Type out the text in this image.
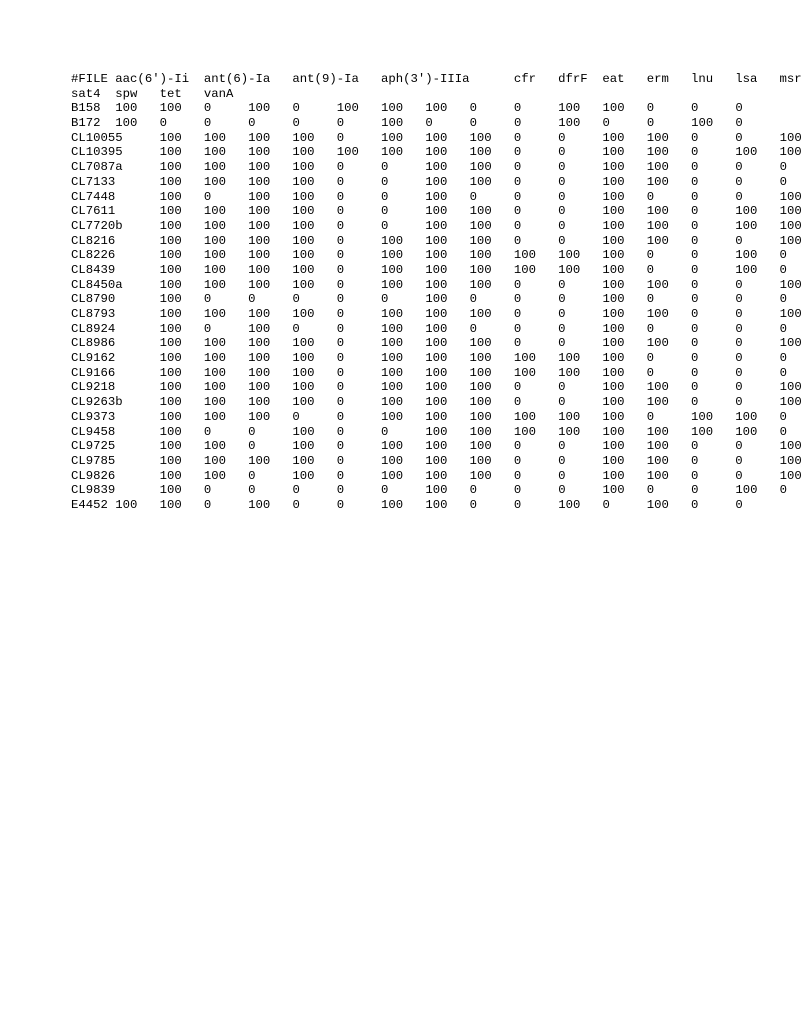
#FILE aac(6')-Ii ant(6)-Ia ant(9)-Ia aph(3')-IIIa	cfr dfrF eat erm lnu lsa msr
sat4 spw tet vanA
B158 100 100 0	100 0	100 100 100 0	0	100 100 0	0	0
B172 100 0	0	0	0	0	100 0	0	0	100 0	0	100 0
CL10055	100 100 100 100 0	100 100 100 0	0	100 100 0	0	100
CL10395	100 100 100 100 100 100 100 100 0	0	100 100 0	100 100
CL7087a	100 100 100 100 0	0	100 100 0	0	100 100 0	0	0
CL7133	100 100 100 100 0	0	100 100 0	0	100 100 0	0	0
CL7448	100 0	100 100 0	0	100 0	0	0	100 0	0	0	100
CL7611	100 100 100 100 0	0	100 100 0	0	100 100 0	100 100
CL7720b	100 100 100 100 0	0	100 100 0	0	100 100 0	100 100
CL8216	100 100 100 100 0	100 100 100 0	0	100 100 0	0	100
CL8226	100 100 100 100 0	100 100 100 100 100 100 0	0	100 0
CL8439	100 100 100 100 0	100 100 100 100 100 100 0	0	100 0
CL8450a	100 100 100 100 0	100 100 100 0	0	100 100 0	0	100
CL8790	100 0	0	0	0	0	100 0	0	0	100 0	0	0	0
CL8793	100 100 100 100 0	100 100 100 0	0	100 100 0	0	100
CL8924	100 0	100 0	0	100 100 0	0	0	100 0	0	0	0
CL8986	100 100 100 100 0	100 100 100 0	0	100 100 0	0	100
CL9162	100 100 100 100 0	100 100 100 100 100 100 0	0	0	0
CL9166	100 100 100 100 0	100 100 100 100 100 100 0	0	0	0
CL9218	100 100 100 100 0	100 100 100 0	0	100 100 0	0	100
CL9263b	100 100 100 100 0	100 100 100 0	0	100 100 0	0	100
CL9373	100 100 100 0	0	100 100 100 100 100 100 0	100 100 0
CL9458	100 0	0	100 0	0	100 100 100 100 100 100 100 100 0
CL9725	100 100 0	100 0	100 100 100 0	0	100 100 0	0	100
CL9785	100 100 100 100 0	100 100 100 0	0	100 100 0	0	100
CL9826	100 100 0	100 0	100 100 100 0	0	100 100 0	0	100
CL9839	100 0	0	0	0	0	100 0	0	0	100 0	0	100 0
E4452 100 100 0	100 0	0	100 100 0	0	100 0	100 0	0
